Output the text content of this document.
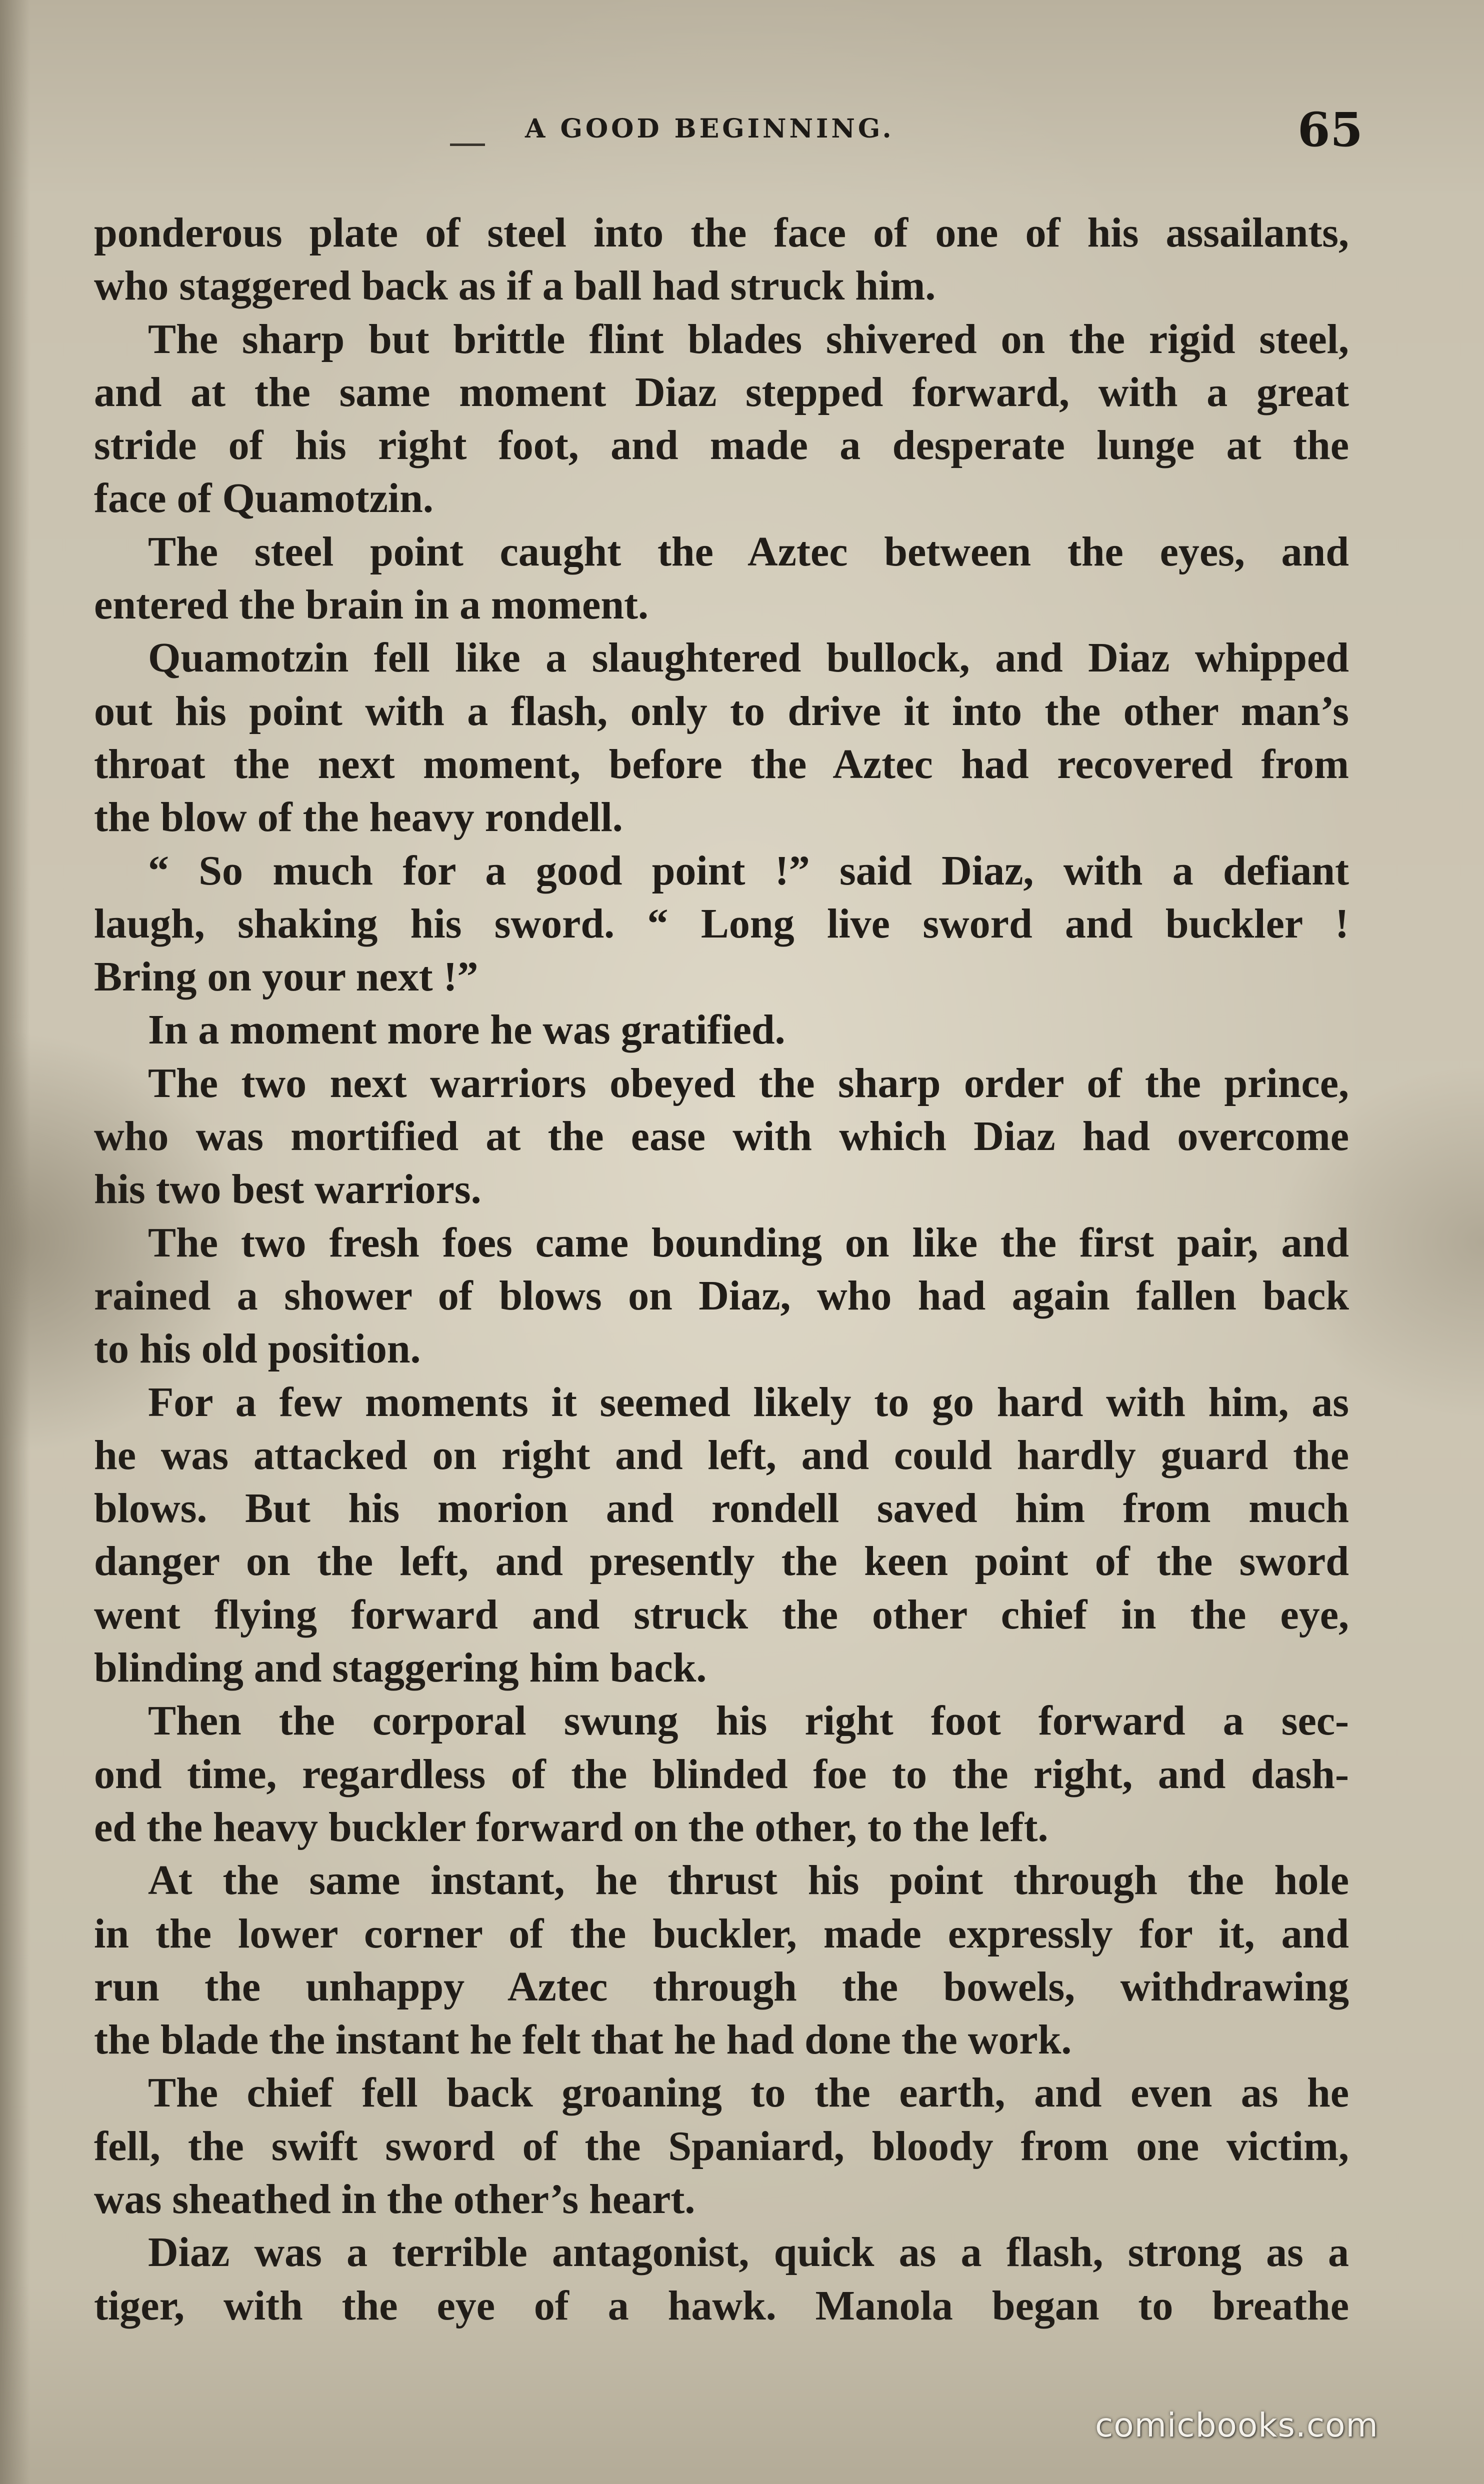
A GOOD BEGINNING.	65
ponderous plate of steel into the face of one of his assailants,
who staggered back as if a ball had struck him.
The sharp but brittle flint blades shivered on the rigid steel,
and at the same moment Diaz stepped forward, with a great
stride of his right foot, and made a desperate lunge at the
face of Quamotzin.
The steel point caught the Aztec between the eyes, and
entered the brain in a moment.
Quamotzin fell like a slaughtered bullock, and Diaz whipped
out his point with a flash, only to drive it into the other man’s
throat the next moment, before the Aztec had recovered from
the blow of the heavy rondell.
“ So much for a good point !” said Diaz, with a defiant
laugh, shaking his sword. “ Long live sword and buckler !
Bring on your next !”
In a moment more he was gratified.
The two next warriors obeyed the sharp order of the prince,
who was mortified at the ease with which Diaz had overcome
his two best warriors.
The two fresh foes came bounding on like the first pair, and
rained a shower of blows on Diaz, who had again fallen back
to his old position.
For a few moments it seemed likely to go hard with him, as
he was attacked on right and left, and could hardly guard the
blows. But his morion and rondell saved him from much
danger on the left, and presently the keen point of the sword
went flying forward and struck the other chief in the eye,
blinding and staggering him back.
Then the corporal swung his right foot forward a sec-
ond time, regardless of the blinded foe to the right, and dash-
ed the heavy buckler forward on the other, to the left.
At the same instant, he thrust his point through the hole
in the lower corner of the buckler, made expressly for it, and
run the unhappy Aztec through the bowels, withdrawing
the blade the instant he felt that he had done the work.
The chief fell back groaning to the earth, and even as he
fell, the swift sword of the Spaniard, bloody from one victim,
was sheathed in the other’s heart.
Diaz was a terrible antagonist, quick as a flash, strong as a
tiger, with the eye of a hawk. Manola began to breathe
comicbooks.com
